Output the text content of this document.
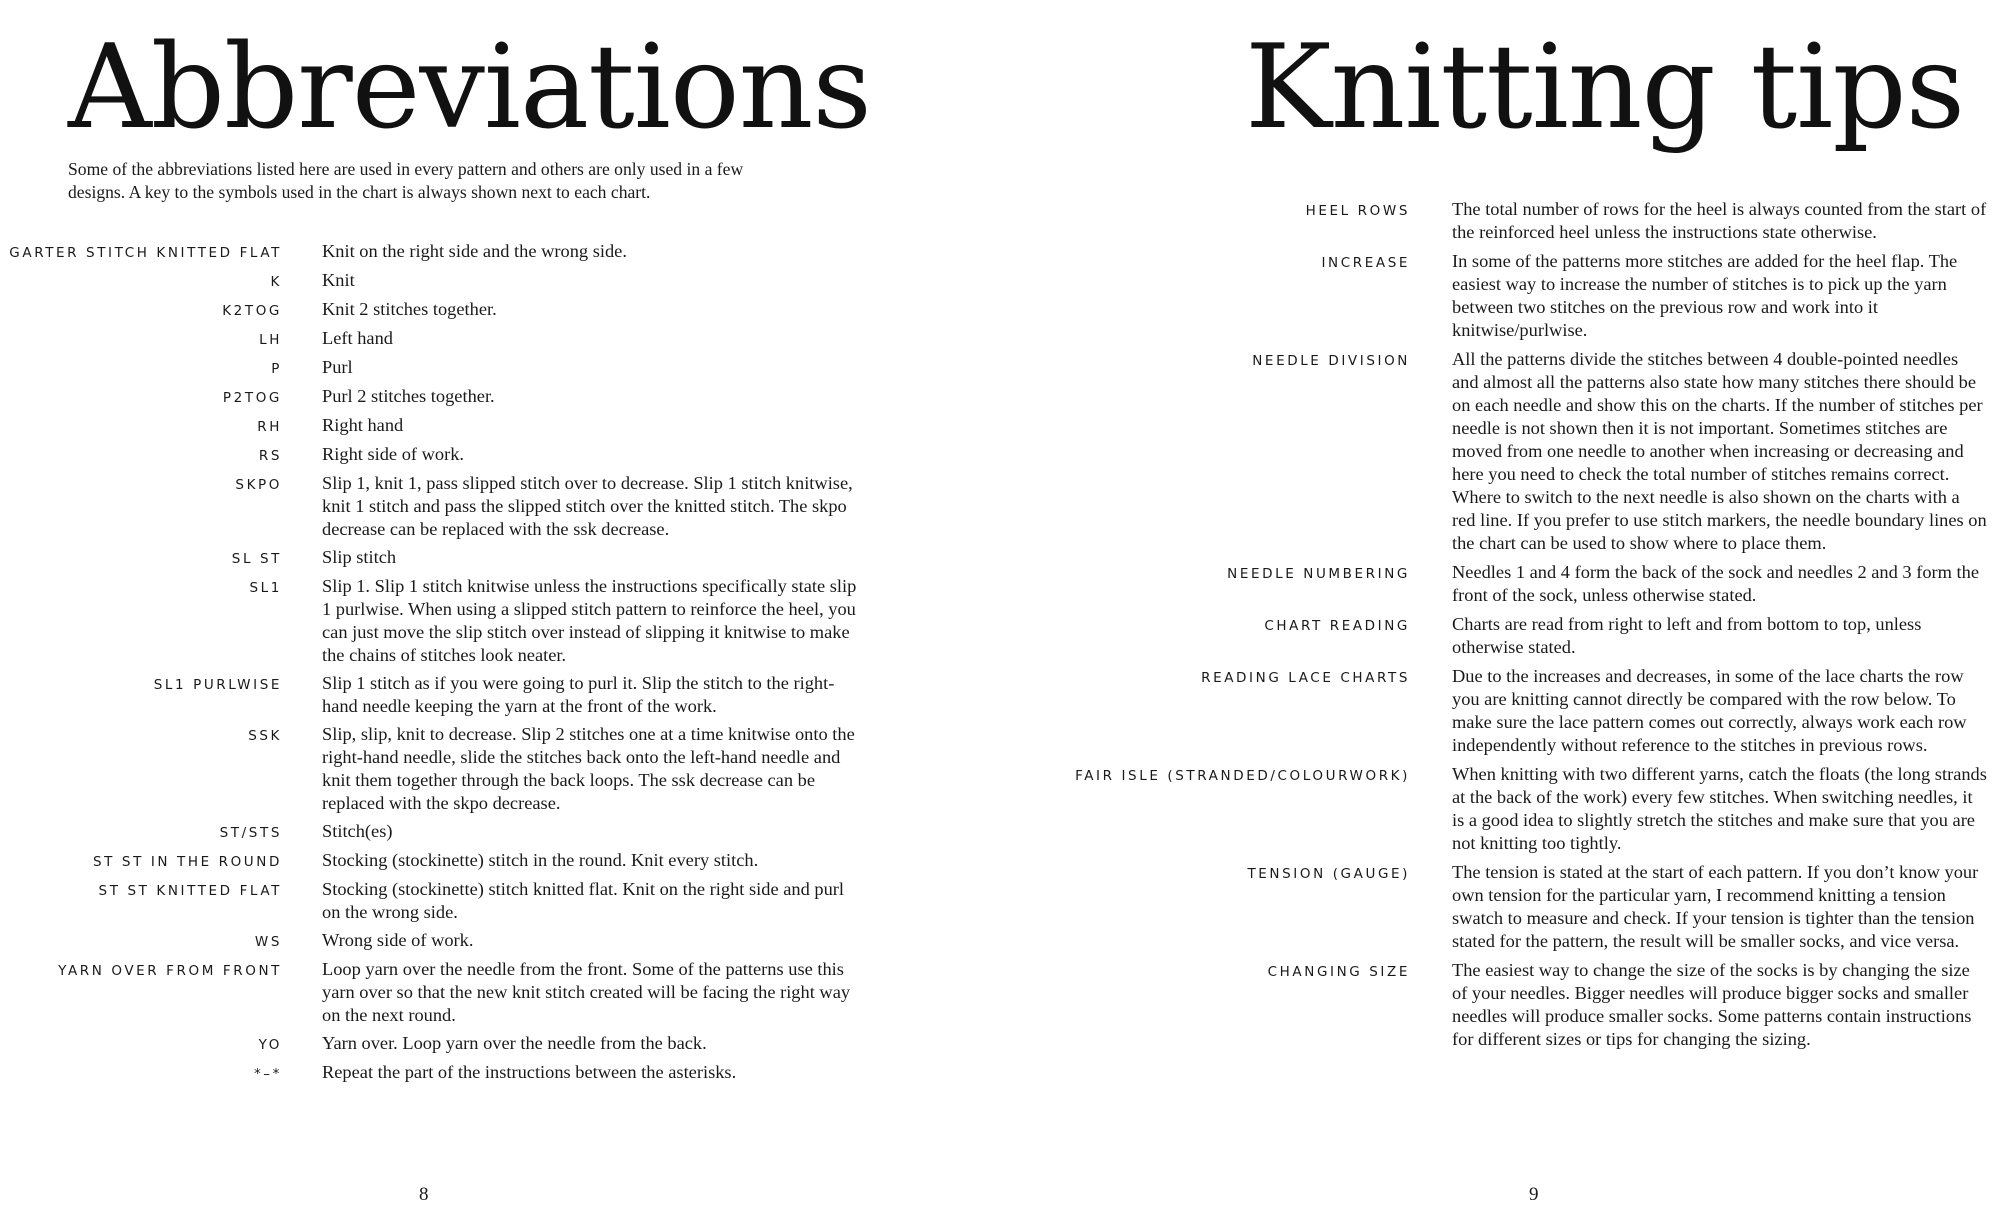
Abbreviations

Some of the abbreviations listed here are used in every pattern and others are only used in a few designs. A key to the symbols used in the chart is always shown next to each chart.

GARTER STITCH KNITTED FLAT Knit on the right side and the wrong side.
K Knit
K2TOG Knit 2 stitches together.
LH Left hand
P Purl
P2TOG Purl 2 stitches together.
RH Right hand
RS Right side of work.
SKPO Slip 1, knit 1, pass slipped stitch over to decrease. Slip 1 stitch knitwise, knit 1 stitch and pass the slipped stitch over the knitted stitch. The skpo decrease can be replaced with the ssk decrease.
SL ST Slip stitch
SL1 Slip 1. Slip 1 stitch knitwise unless the instructions specifically state slip 1 purlwise. When using a slipped stitch pattern to reinforce the heel, you can just move the slip stitch over instead of slipping it knitwise to make the chains of stitches look neater.
SL1 PURLWISE Slip 1 stitch as if you were going to purl it. Slip the stitch to the right-hand needle keeping the yarn at the front of the work.
SSK Slip, slip, knit to decrease. Slip 2 stitches one at a time knitwise onto the right-hand needle, slide the stitches back onto the left-hand needle and knit them together through the back loops. The ssk decrease can be replaced with the skpo decrease.
ST/STS Stitch(es)
ST ST IN THE ROUND Stocking (stockinette) stitch in the round. Knit every stitch.
ST ST KNITTED FLAT Stocking (stockinette) stitch knitted flat. Knit on the right side and purl on the wrong side.
WS Wrong side of work.
YARN OVER FROM FRONT Loop yarn over the needle from the front. Some of the patterns use this yarn over so that the new knit stitch created will be facing the right way on the next round.
YO Yarn over. Loop yarn over the needle from the back.
*–* Repeat the part of the instructions between the asterisks.

8

Knitting tips
HEEL ROWS The total number of rows for the heel is always counted from the start of the reinforced heel unless the instructions state otherwise.
INCREASE In some of the patterns more stitches are added for the heel flap. The easiest way to increase the number of stitches is to pick up the yarn between two stitches on the previous row and work into it knitwise/purlwise.
NEEDLE DIVISION All the patterns divide the stitches between 4 double-pointed needles and almost all the patterns also state how many stitches there should be on each needle and show this on the charts. If the number of stitches per needle is not shown then it is not important. Sometimes stitches are moved from one needle to another when increasing or decreasing and here you need to check the total number of stitches remains correct. Where to switch to the next needle is also shown on the charts with a red line. If you prefer to use stitch markers, the needle boundary lines on the chart can be used to show where to place them.
NEEDLE NUMBERING Needles 1 and 4 form the back of the sock and needles 2 and 3 form the front of the sock, unless otherwise stated.
CHART READING Charts are read from right to left and from bottom to top, unless otherwise stated.
READING LACE CHARTS Due to the increases and decreases, in some of the lace charts the row you are knitting cannot directly be compared with the row below. To make sure the lace pattern comes out correctly, always work each row independently without reference to the stitches in previous rows.
FAIR ISLE (STRANDED/COLOURWORK) When knitting with two different yarns, catch the floats (the long strands at the back of the work) every few stitches. When switching needles, it is a good idea to slightly stretch the stitches and make sure that you are not knitting too tightly.
TENSION (GAUGE) The tension is stated at the start of each pattern. If you don’t know your own tension for the particular yarn, I recommend knitting a tension swatch to measure and check. If your tension is tighter than the tension stated for the pattern, the result will be smaller socks, and vice versa.
CHANGING SIZE The easiest way to change the size of the socks is by changing the size of your needles. Bigger needles will produce bigger socks and smaller needles will produce smaller socks. Some patterns contain instructions for different sizes or tips for changing the sizing.

9
